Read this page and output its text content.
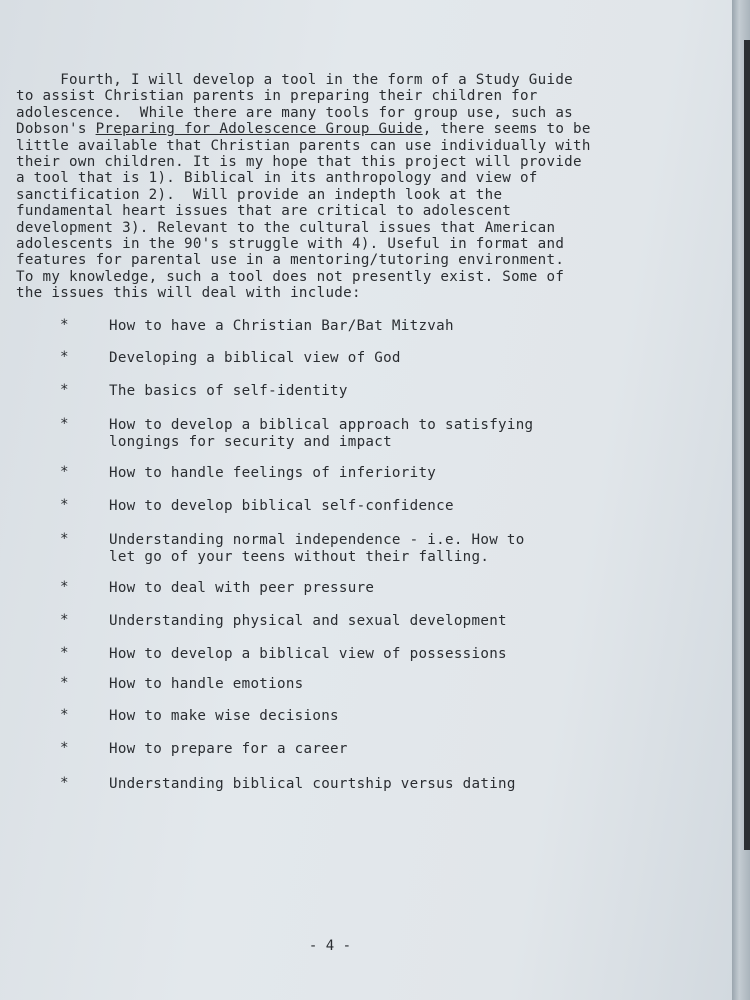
Fourth, I will develop a tool in the form of a Study Guide
to assist Christian parents in preparing their children for
adolescence.  While there are many tools for group use, such as
Dobson's Preparing for Adolescence Group Guide, there seems to be
little available that Christian parents can use individually with
their own children. It is my hope that this project will provide
a tool that is 1). Biblical in its anthropology and view of
sanctification 2).  Will provide an indepth look at the
fundamental heart issues that are critical to adolescent
development 3). Relevant to the cultural issues that American
adolescents in the 90's struggle with 4). Useful in format and
features for parental use in a mentoring/tutoring environment.
To my knowledge, such a tool does not presently exist. Some of
the issues this will deal with include:
*	How to have a Christian Bar/Bat Mitzvah
*	Developing a biblical view of God
*	The basics of self-identity
*	How to develop a biblical approach to satisfying
longings for security and impact
*	How to handle feelings of inferiority
*	How to develop biblical self-confidence
*	Understanding normal independence - i.e. How to
let go of your teens without their falling.
*	How to deal with peer pressure
*	Understanding physical and sexual development
*	How to develop a biblical view of possessions
*	How to handle emotions
*	How to make wise decisions
*	How to prepare for a career
*	Understanding biblical courtship versus dating
- 4 -
